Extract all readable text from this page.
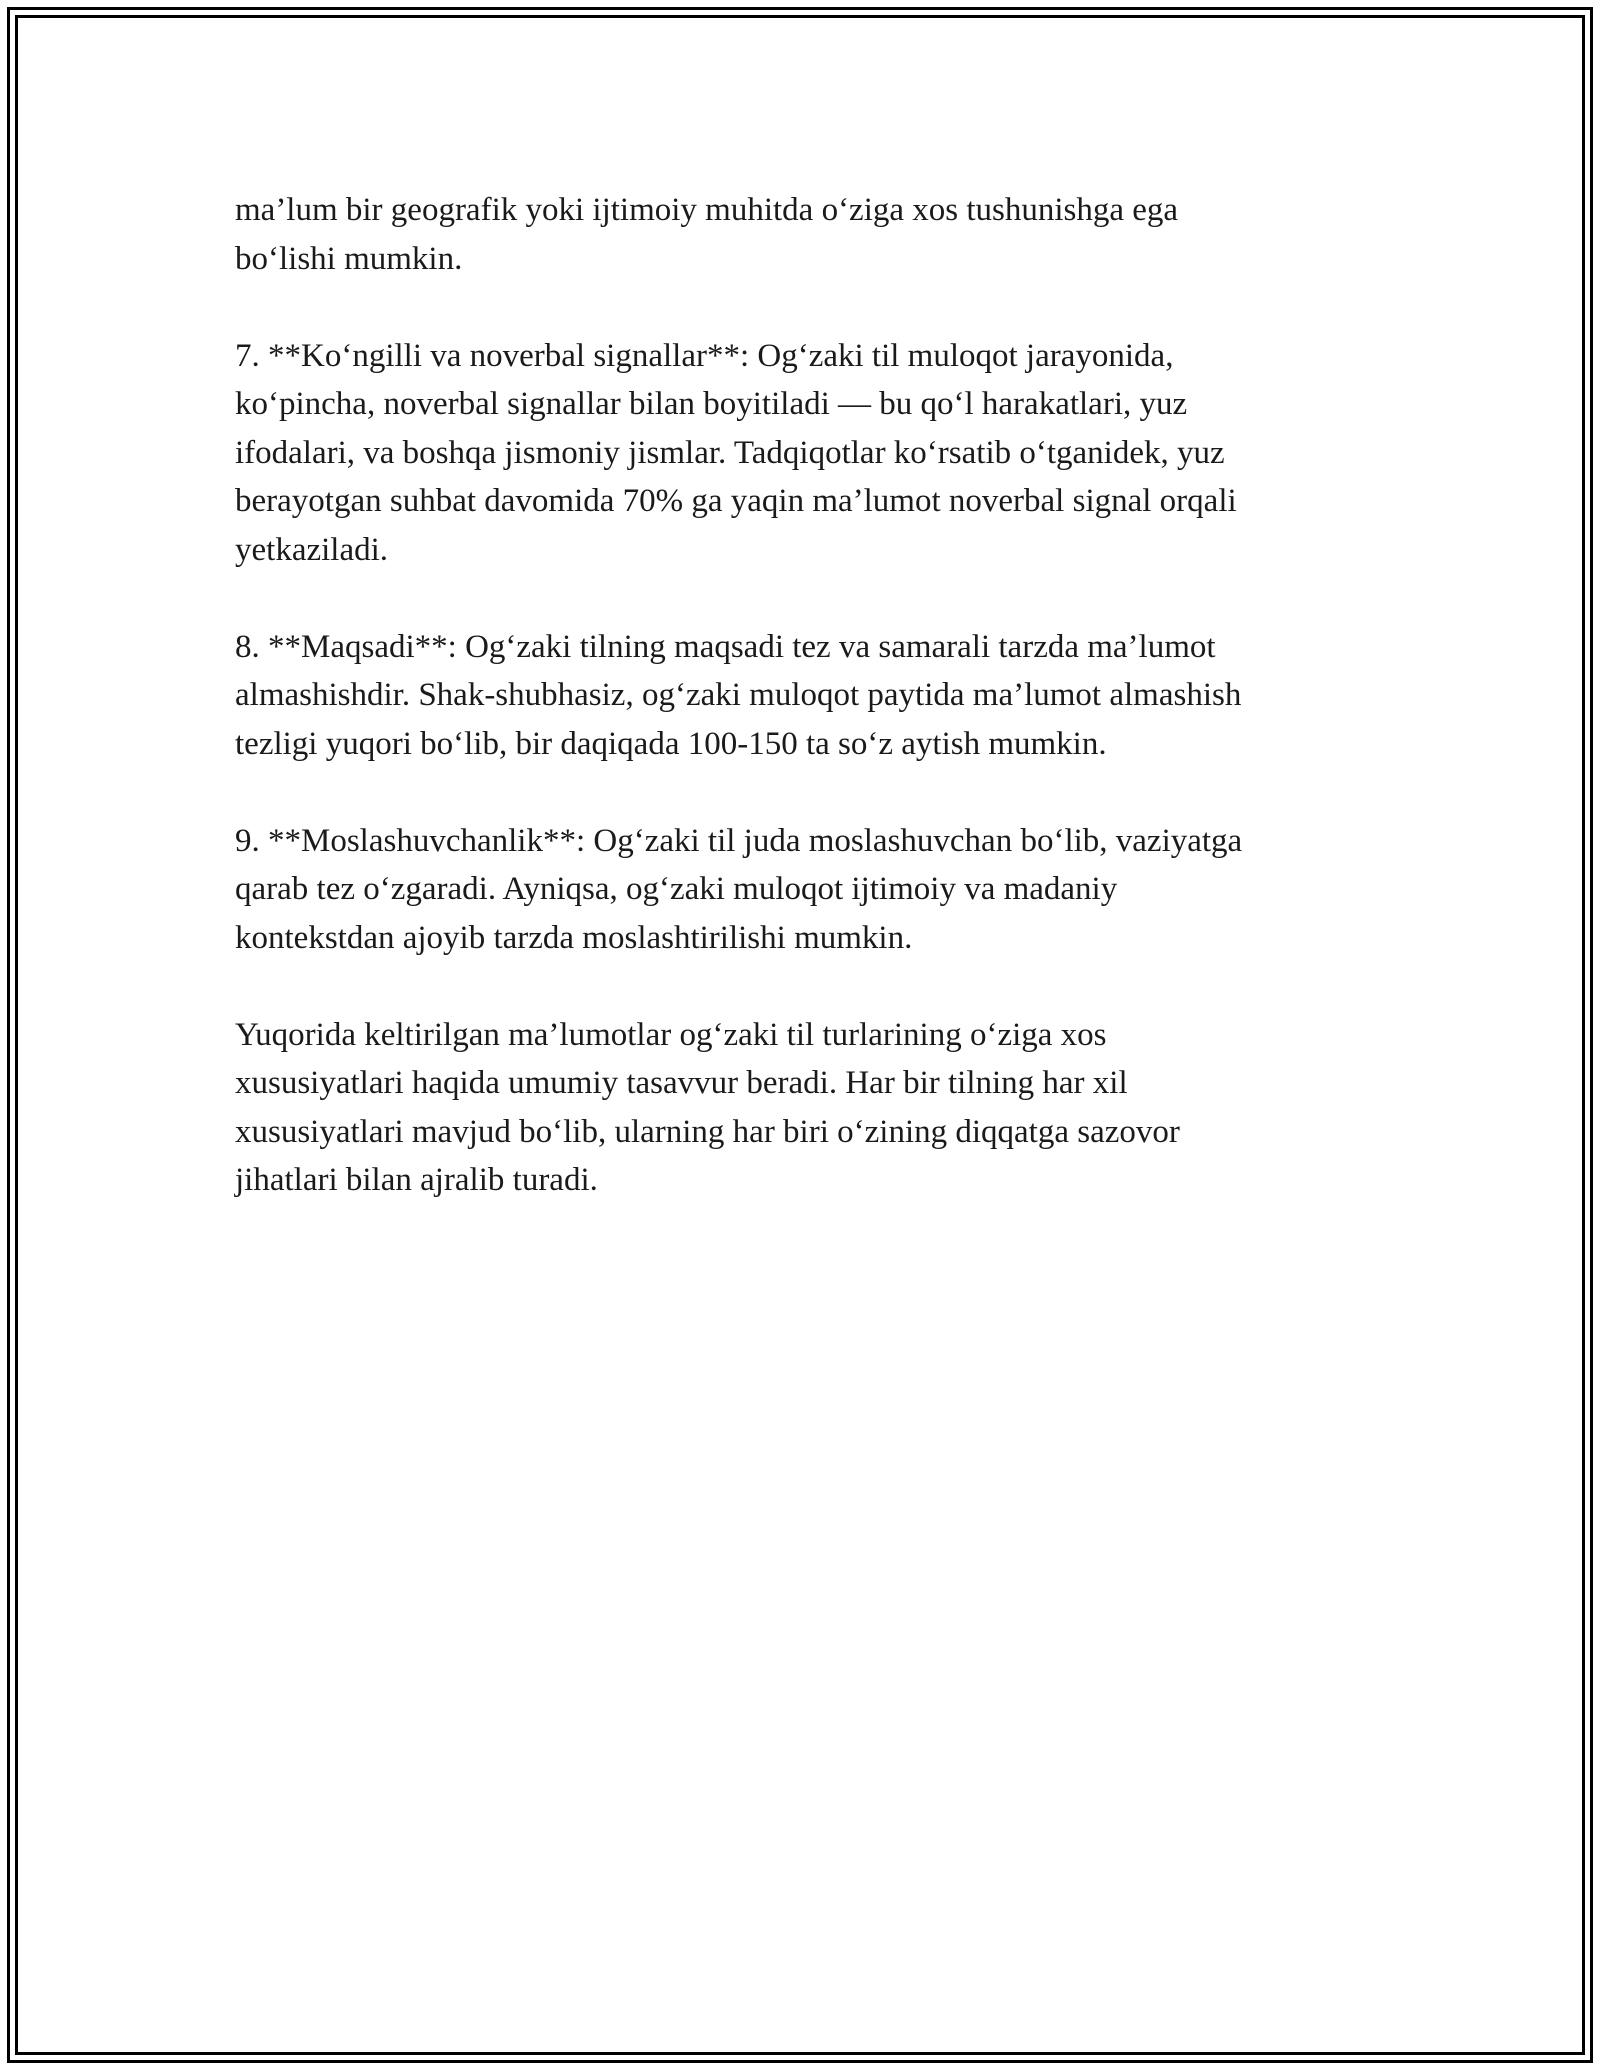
ma’lum bir geografik yoki ijtimoiy muhitda o‘ziga xos tushunishga ega
bo‘lishi mumkin.

7. **Ko‘ngilli va noverbal signallar**: Og‘zaki til muloqot jarayonida,
ko‘pincha, noverbal signallar bilan boyitiladi — bu qo‘l harakatlari, yuz
ifodalari, va boshqa jismoniy jismlar. Tadqiqotlar ko‘rsatib o‘tganidek, yuz
berayotgan suhbat davomida 70% ga yaqin ma’lumot noverbal signal orqali
yetkaziladi.

8. **Maqsadi**: Og‘zaki tilning maqsadi tez va samarali tarzda ma’lumot
almashishdir. Shak-shubhasiz, og‘zaki muloqot paytida ma’lumot almashish
tezligi yuqori bo‘lib, bir daqiqada 100-150 ta so‘z aytish mumkin.

9. **Moslashuvchanlik**: Og‘zaki til juda moslashuvchan bo‘lib, vaziyatga
qarab tez o‘zgaradi. Ayniqsa, og‘zaki muloqot ijtimoiy va madaniy
kontekstdan ajoyib tarzda moslashtirilishi mumkin.

Yuqorida keltirilgan ma’lumotlar og‘zaki til turlarining o‘ziga xos
xususiyatlari haqida umumiy tasavvur beradi. Har bir tilning har xil
xususiyatlari mavjud bo‘lib, ularning har biri o‘zining diqqatga sazovor
jihatlari bilan ajralib turadi.
